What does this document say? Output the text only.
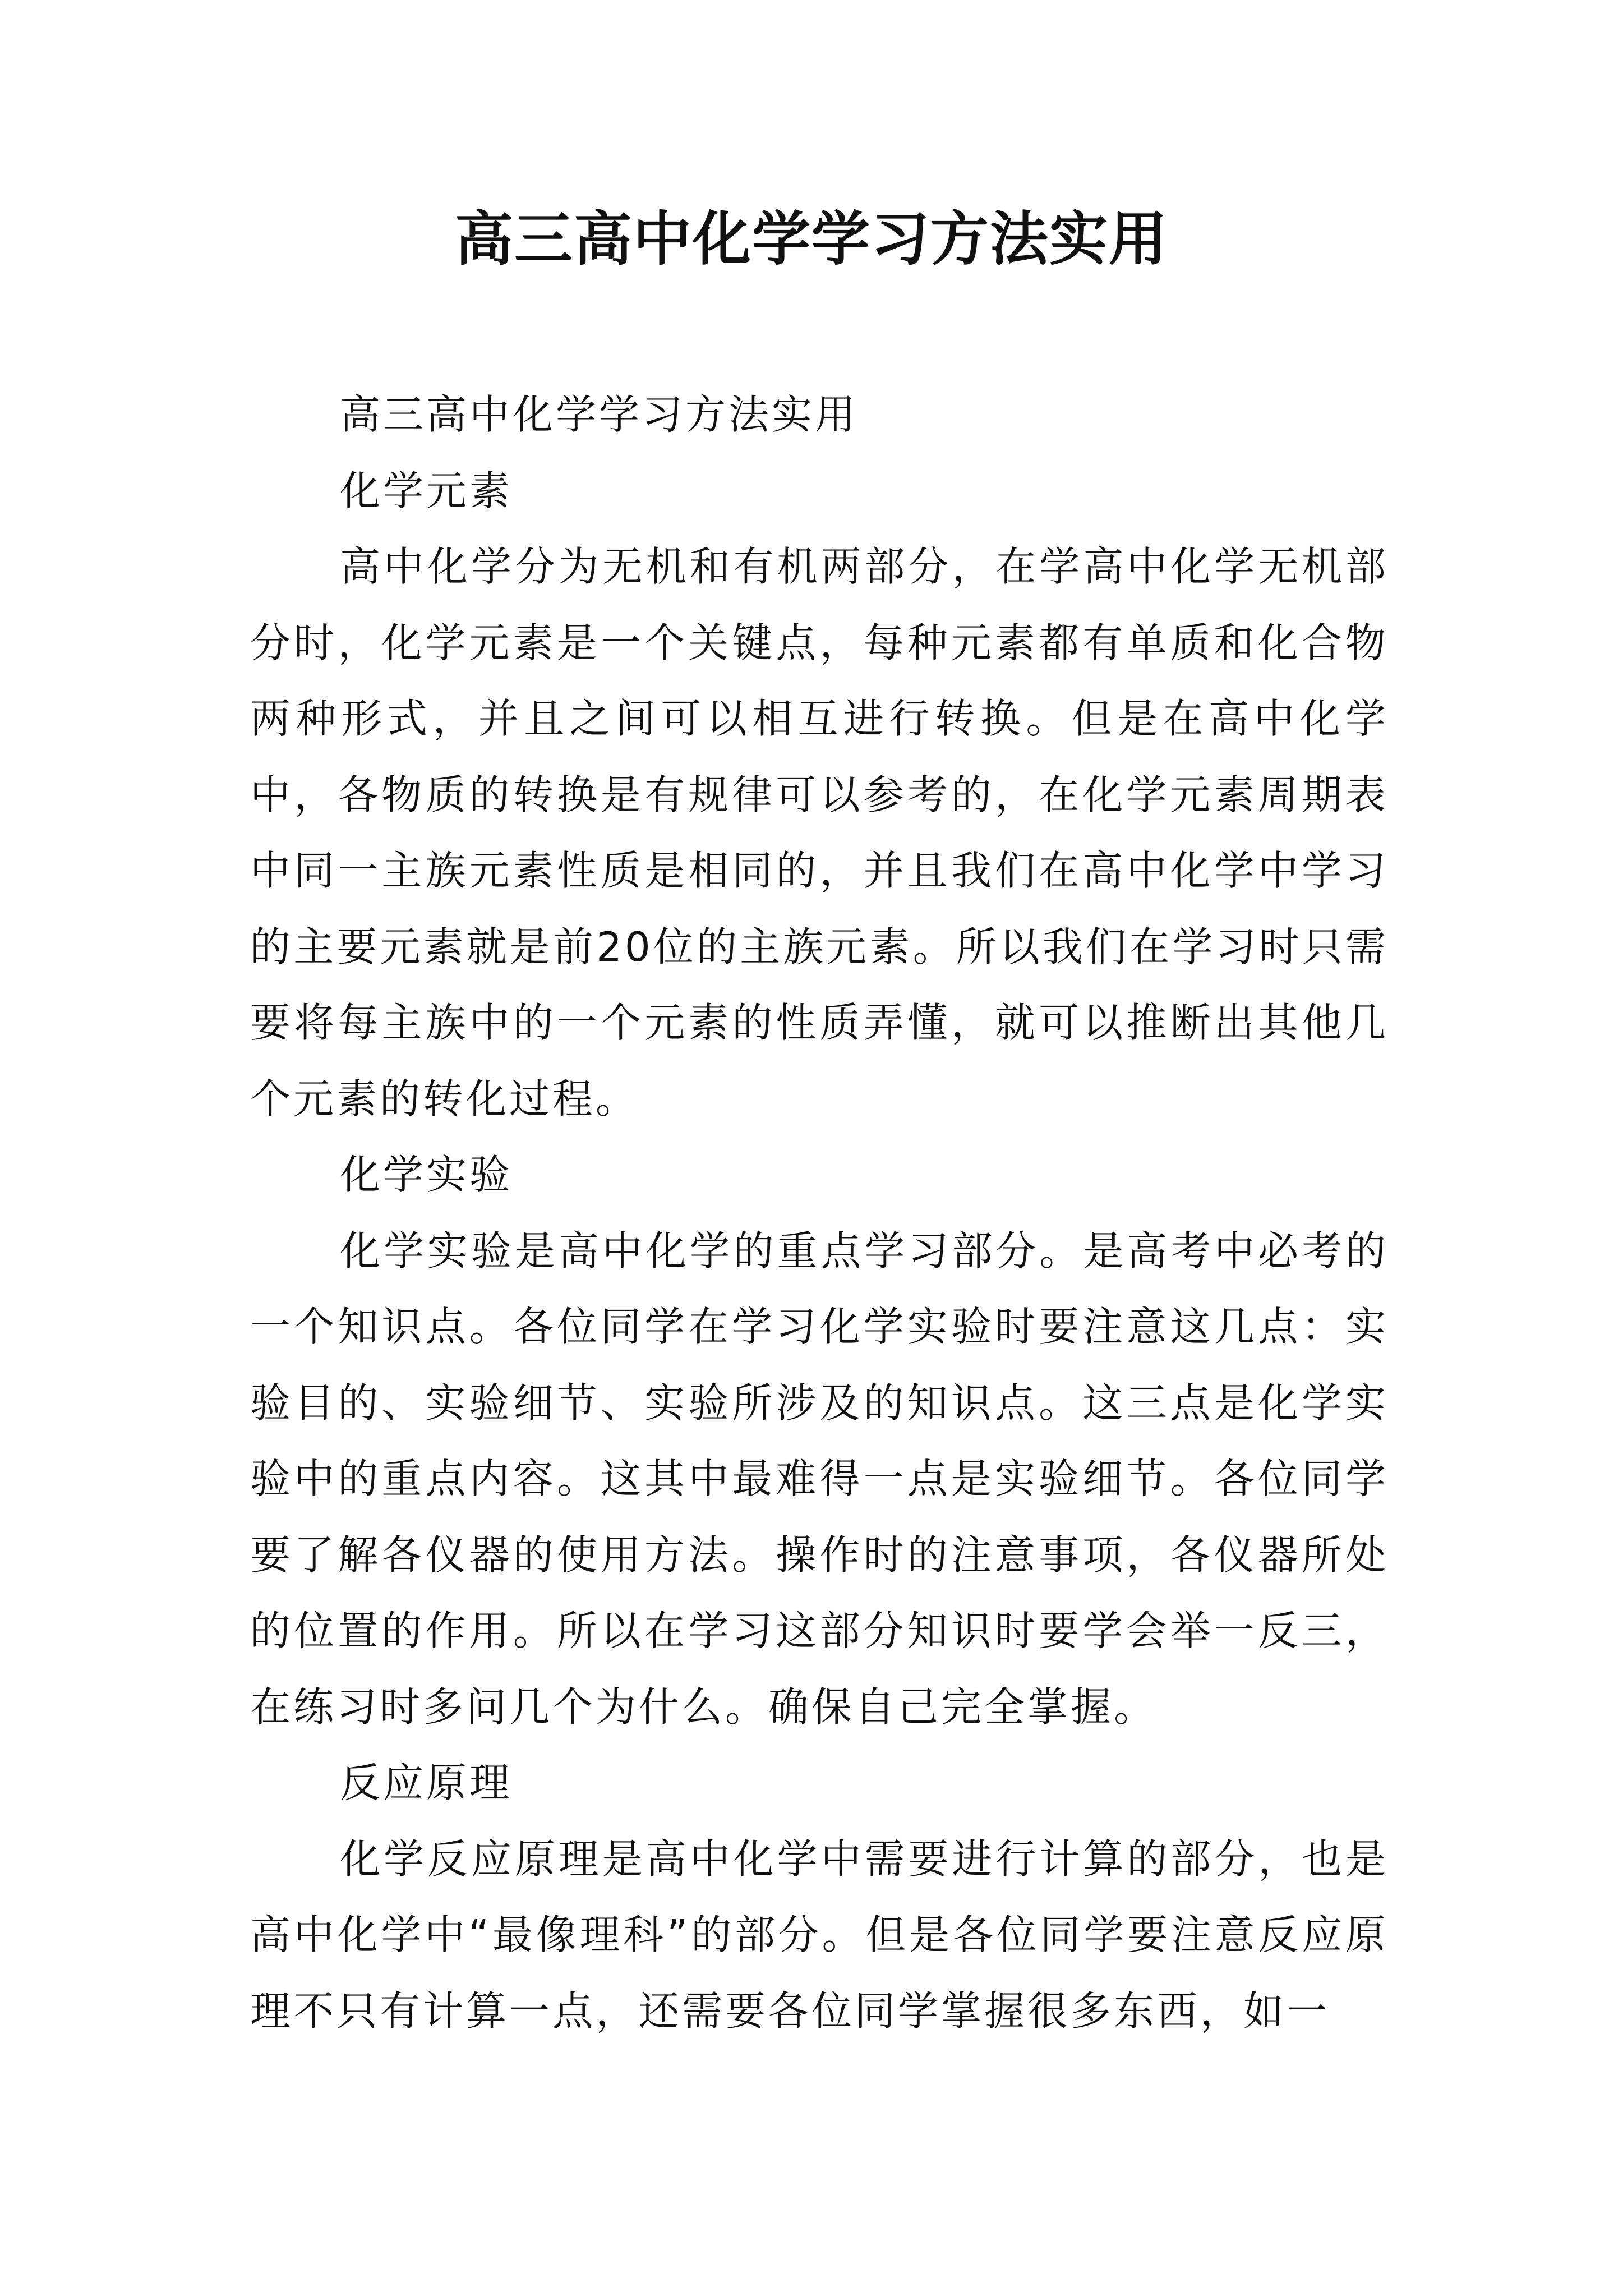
高三高中化学学习方法实用

高三高中化学学习方法实用

化学元素

高中化学分为无机和有机两部分，在学高中化学无机部分时，化学元素是一个关键点，每种元素都有单质和化合物两种形式，并且之间可以相互进行转换。但是在高中化学中，各物质的转换是有规律可以参考的，在化学元素周期表中同一主族元素性质是相同的，并且我们在高中化学中学习的主要元素就是前20位的主族元素。所以我们在学习时只需要将每主族中的一个元素的性质弄懂，就可以推断出其他几个元素的转化过程。

化学实验

化学实验是高中化学的重点学习部分。是高考中必考的一个知识点。各位同学在学习化学实验时要注意这几点：实验目的、实验细节、实验所涉及的知识点。这三点是化学实验中的重点内容。这其中最难得一点是实验细节。各位同学要了解各仪器的使用方法。操作时的注意事项，各仪器所处的位置的作用。所以在学习这部分知识时要学会举一反三，在练习时多问几个为什么。确保自己完全掌握。

反应原理

化学反应原理是高中化学中需要进行计算的部分，也是高中化学中“最像理科”的部分。但是各位同学要注意反应原理不只有计算一点，还需要各位同学掌握很多东西，如一
